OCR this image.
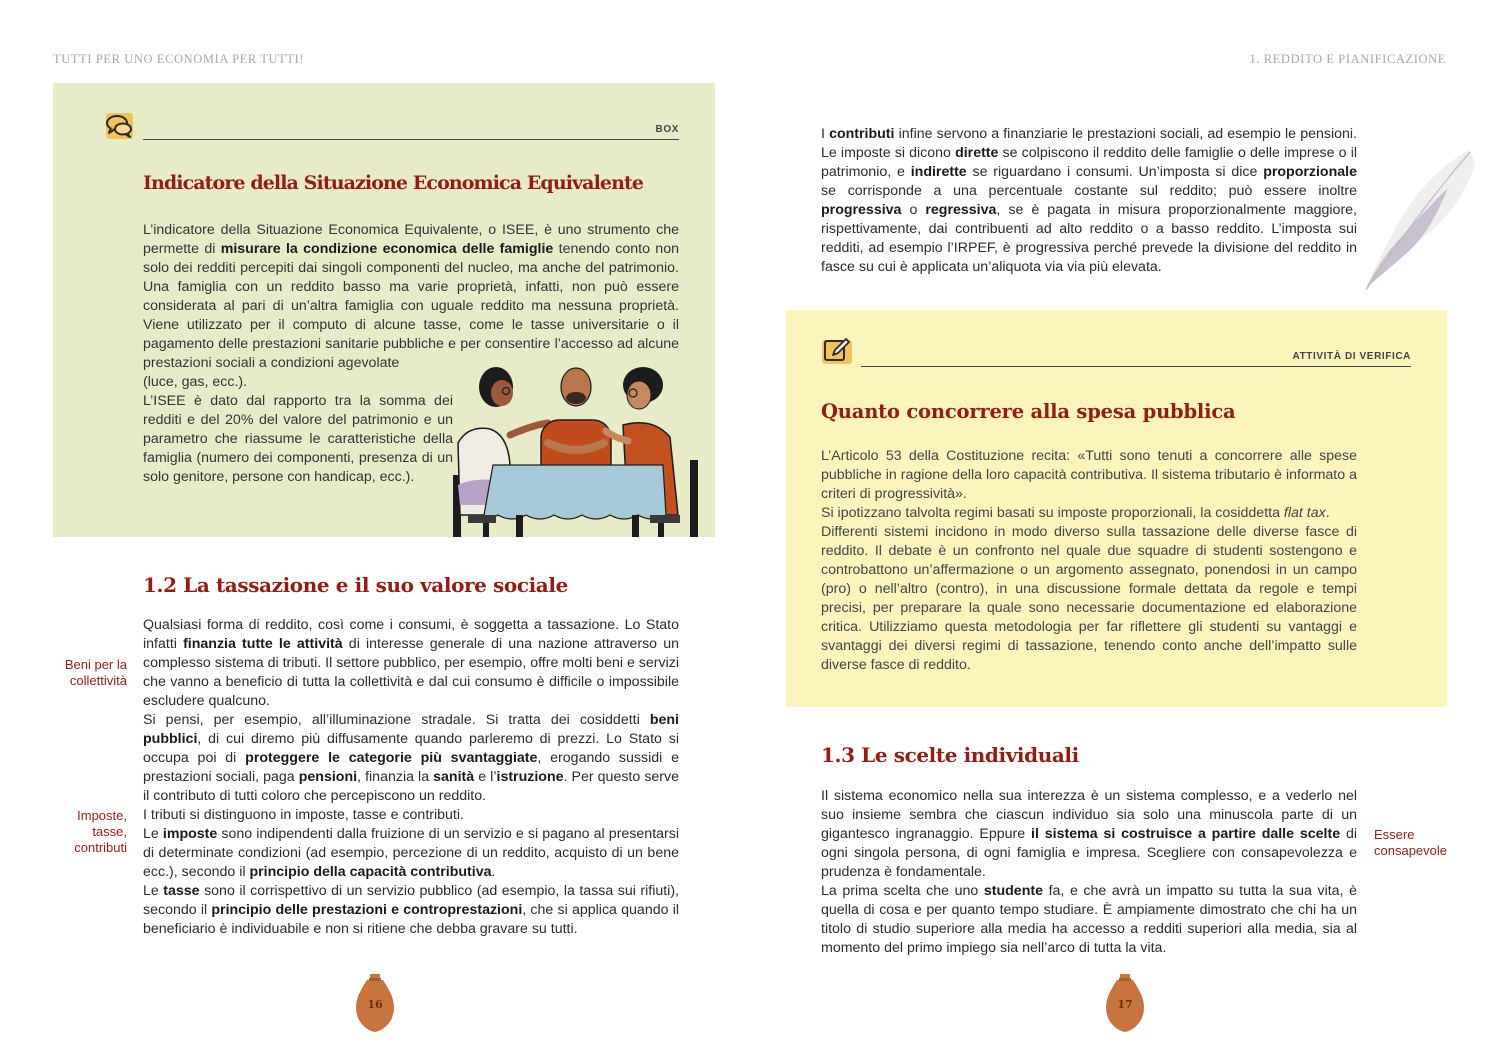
TUTTI PER UNO ECONOMIA PER TUTTI!	1. REDDITO E PIANIFICAZIONE
BOX
Indicatore della Situazione Economica Equivalente

L’indicatore della Situazione Economica Equivalente, o ISEE, è uno strumento che permette di misurare la condizione economica delle famiglie tenendo conto non solo dei redditi percepiti dai singoli componenti del nucleo, ma anche del patrimonio. Una famiglia con un reddito basso ma varie proprietà, infatti, non può essere considerata al pari di un’altra famiglia con uguale reddito ma nessuna proprietà. Viene utilizzato per il computo di alcune tasse, come le tasse universitarie o il pagamento delle prestazioni sanitarie pubbliche e per consentire l’accesso ad alcune prestazioni sociali a condizioni agevolate

(luce, gas, ecc.).

L’ISEE è dato dal rapporto tra la somma dei redditi e del 20% del valore del patrimonio e un parametro che riassume le caratteristiche della famiglia (numero dei componenti, presenza di un solo genitore, persone con handicap, ecc.).

1.2 La tassazione e il suo valore sociale
Beni per la collettività
Imposte, tasse, contributi

Qualsiasi forma di reddito, così come i consumi, è soggetta a tassazione. Lo Stato infatti finanzia tutte le attività di interesse generale di una nazione attraverso un complesso sistema di tributi. Il settore pubblico, per esempio, offre molti beni e servizi che vanno a beneficio di tutta la collettività e dal cui consumo è difficile o impossibile escludere qualcuno.

Si pensi, per esempio, all’illuminazione stradale. Si tratta dei cosiddetti beni pubblici, di cui diremo più diffusamente quando parleremo di prezzi. Lo Stato si occupa poi di proteggere le categorie più svantaggiate, erogando sussidi e prestazioni sociali, paga pensioni, finanzia la sanità e l’istruzione. Per questo serve il contributo di tutti coloro che percepiscono un reddito.

I tributi si distinguono in imposte, tasse e contributi.

Le imposte sono indipendenti dalla fruizione di un servizio e si pagano al presentarsi di determinate condizioni (ad esempio, percezione di un reddito, acquisto di un bene ecc.), secondo il principio della capacità contributiva.

Le tasse sono il corrispettivo di un servizio pubblico (ad esempio, la tassa sui rifiuti), secondo il principio delle prestazioni e controprestazioni, che si applica quando il beneficiario è individuabile e non si ritiene che debba gravare su tutti.

I contributi infine servono a finanziarie le prestazioni sociali, ad esempio le pensioni. Le imposte si dicono dirette se colpiscono il reddito delle famiglie o delle imprese o il patrimonio, e indirette se riguardano i consumi. Un’imposta si dice proporzionale se corrisponde a una percentuale costante sul reddito; può essere inoltre progressiva o regressiva, se è pagata in misura proporzionalmente maggiore, rispettivamente, dai contribuenti ad alto reddito o a basso reddito. L’imposta sui redditi, ad esempio l’IRPEF, è progressiva perché prevede la divisione del reddito in fasce su cui è applicata un’aliquota via via più elevata.

ATTIVITÀ DI VERIFICA
Quanto concorrere alla spesa pubblica

L’Articolo 53 della Costituzione recita: «Tutti sono tenuti a concorrere alle spese pubbliche in ragione della loro capacità contributiva. Il sistema tributario è informato a criteri di progressività».

Si ipotizzano talvolta regimi basati su imposte proporzionali, la cosiddetta flat tax.

Differenti sistemi incidono in modo diverso sulla tassazione delle diverse fasce di reddito. Il debate è un confronto nel quale due squadre di studenti sostengono e controbattono un’affermazione o un argomento assegnato, ponendosi in un campo (pro) o nell’altro (contro), in una discussione formale dettata da regole e tempi precisi, per preparare la quale sono necessarie documentazione ed elaborazione critica. Utilizziamo questa metodologia per far riflettere gli studenti su vantaggi e svantaggi dei diversi regimi di tassazione, tenendo conto anche dell’impatto sulle diverse fasce di reddito.

1.3 Le scelte individuali
Essere consapevole

Il sistema economico nella sua interezza è un sistema complesso, e a vederlo nel suo insieme sembra che ciascun individuo sia solo una minuscola parte di un gigantesco ingranaggio. Eppure il sistema si costruisce a partire dalle scelte di ogni singola persona, di ogni famiglia e impresa. Scegliere con consapevolezza e prudenza è fondamentale.

La prima scelta che uno studente fa, e che avrà un impatto su tutta la sua vita, è quella di cosa e per quanto tempo studiare. È ampiamente dimostrato che chi ha un titolo di studio superiore alla media ha accesso a redditi superiori alla media, sia al momento del primo impiego sia nell’arco di tutta la vita.

16	17
